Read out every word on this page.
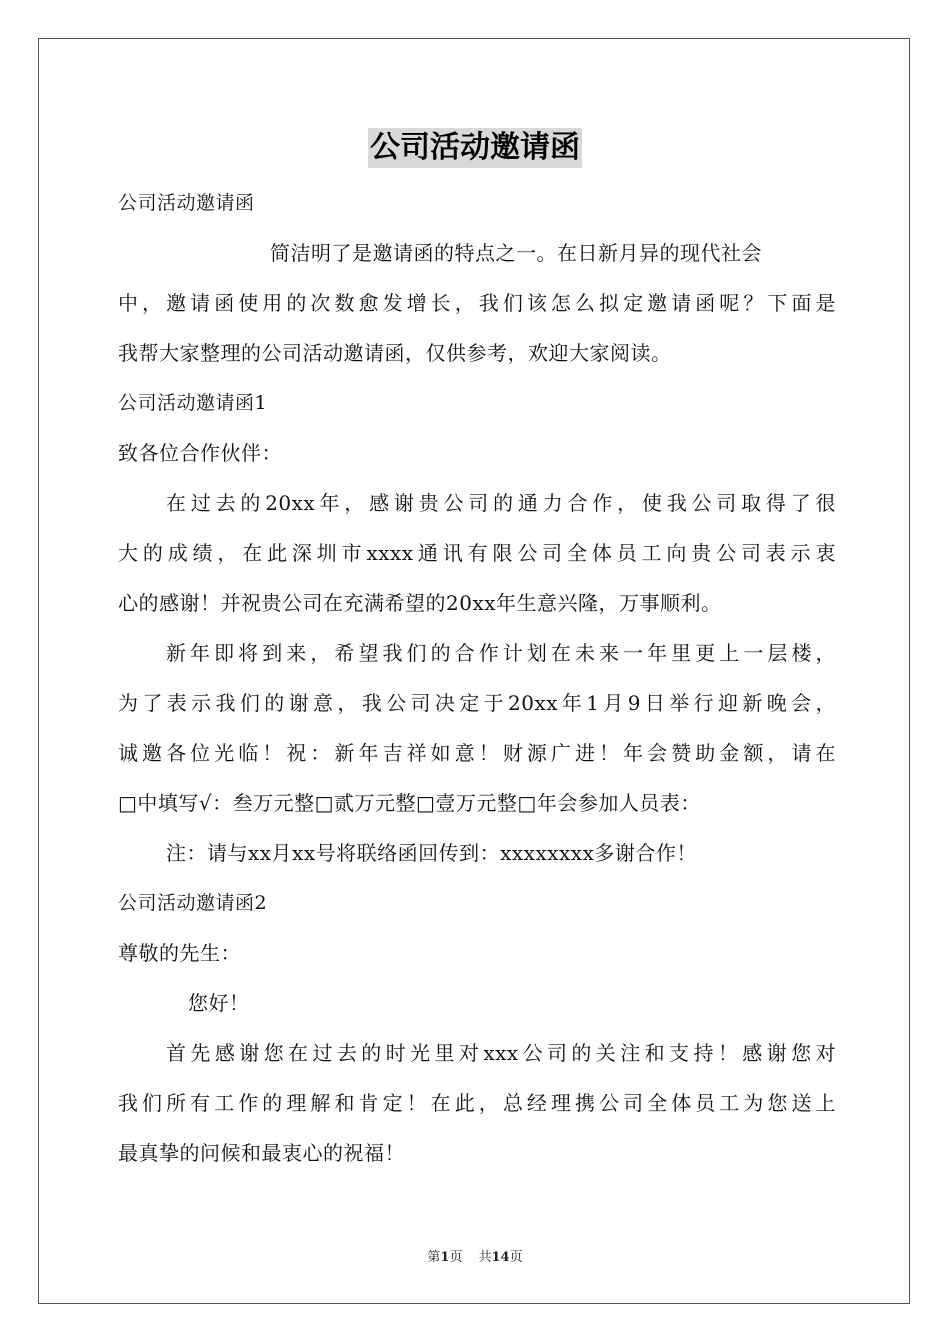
公司活动邀请函
公司活动邀请函
简洁明了是邀请函的特点之一。在日新月异的现代社会
中，邀请函使用的次数愈发增长，我们该怎么拟定邀请函呢？下面是
我帮大家整理的公司活动邀请函，仅供参考，欢迎大家阅读。
公司活动邀请函1
致各位合作伙伴：
在过去的20xx年，感谢贵公司的通力合作，使我公司取得了很
大的成绩，在此深圳市xxxx通讯有限公司全体员工向贵公司表示衷
心的感谢！并祝贵公司在充满希望的20xx年生意兴隆，万事顺利。
新年即将到来，希望我们的合作计划在未来一年里更上一层楼，
为了表示我们的谢意，我公司决定于20xx年1月9日举行迎新晚会，
诚邀各位光临！祝：新年吉祥如意！财源广进！年会赞助金额，请在
□中填写√：叁万元整□贰万元整□壹万元整□年会参加人员表：
注：请与xx月xx号将联络函回传到：xxxxxxxx多谢合作！
公司活动邀请函2
尊敬的先生：
您好！
首先感谢您在过去的时光里对xxx公司的关注和支持！感谢您对
我们所有工作的理解和肯定！在此，总经理携公司全体员工为您送上
最真挚的问候和最衷心的祝福！
第1页 共14页
